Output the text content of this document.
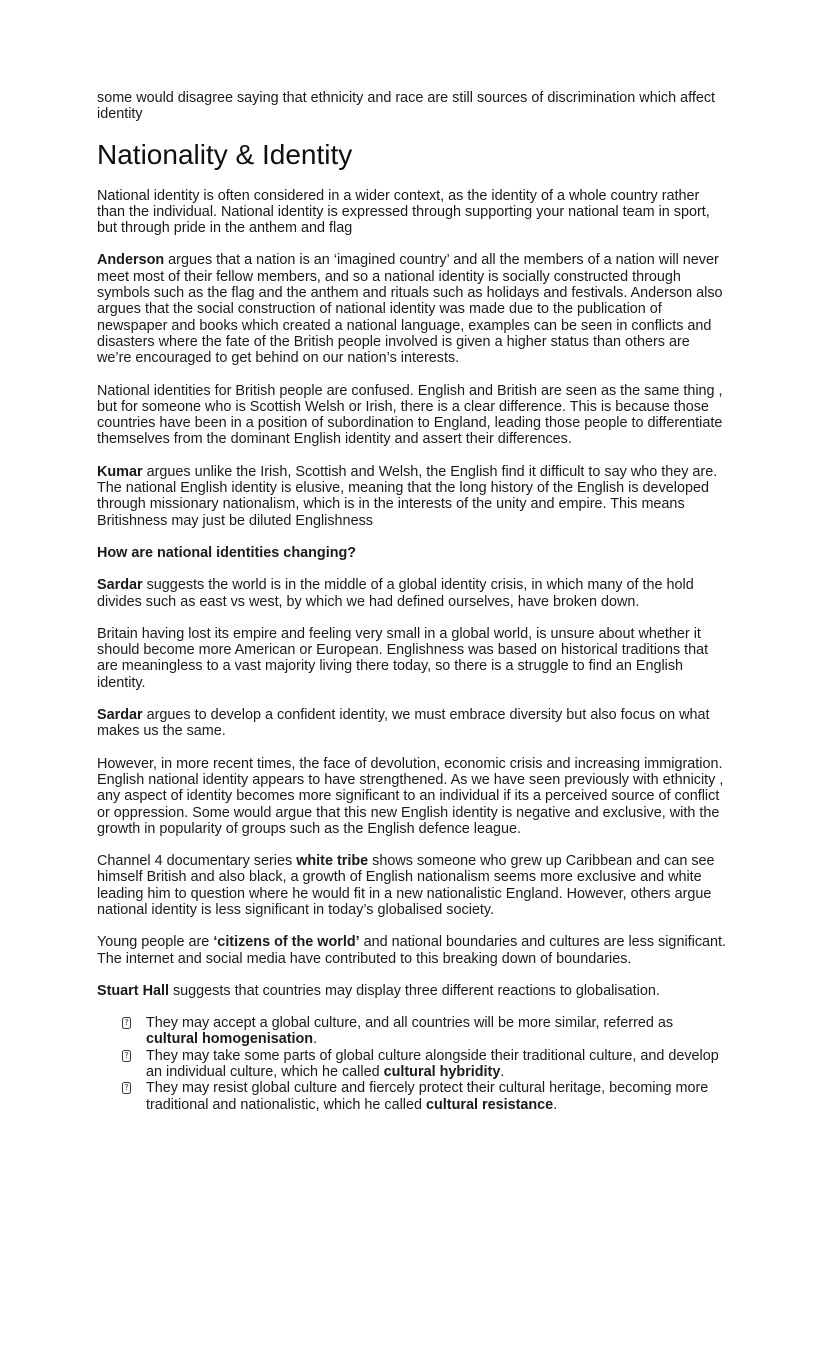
some would disagree saying that ethnicity and race are still sources of discrimination which affect identity

Nationality & Identity

National identity is often considered in a wider context, as the identity of a whole country rather than the individual. National identity is expressed through supporting your national team in sport, but through pride in the anthem and flag

Anderson argues that a nation is an ‘imagined country’ and all the members of a nation will never meet most of their fellow members, and so a national identity is socially constructed through symbols such as the flag and the anthem and rituals such as holidays and festivals. Anderson also argues that the social construction of national identity was made due to the publication of newspaper and books which created a national language, examples can be seen in conflicts and disasters where the fate of the British people involved is given a higher status than others are we’re encouraged to get behind on our nation’s interests.

National identities for British people are confused. English and British are seen as the same thing , but for someone who is Scottish Welsh or Irish, there is a clear difference. This is because those countries have been in a position of subordination to England, leading those people to differentiate themselves from the dominant English identity and assert their differences.

Kumar argues unlike the Irish, Scottish and Welsh, the English find it difficult to say who they are. The national English identity is elusive, meaning that the long history of the English is developed through missionary nationalism, which is in the interests of the unity and empire. This means Britishness may just be diluted Englishness

How are national identities changing?

Sardar suggests the world is in the middle of a global identity crisis, in which many of the hold divides such as east vs west, by which we had defined ourselves, have broken down.

Britain having lost its empire and feeling very small in a global world, is unsure about whether it should become more American or European. Englishness was based on historical traditions that are meaningless to a vast majority living there today, so there is a struggle to find an English identity.

Sardar argues to develop a confident identity, we must embrace diversity but also focus on what makes us the same.

However, in more recent times, the face of devolution, economic crisis and increasing immigration. English national identity appears to have strengthened. As we have seen previously with ethnicity , any aspect of identity becomes more significant to an individual if its a perceived source of conflict or oppression. Some would argue that this new English identity is negative and exclusive, with the growth in popularity of groups such as the English defence league.

Channel 4 documentary series white tribe shows someone who grew up Caribbean and can see himself British and also black, a growth of English nationalism seems more exclusive and white leading him to question where he would fit in a new nationalistic England. However, others argue national identity is less significant in today’s globalised society.

Young people are ‘citizens of the world’ and national boundaries and cultures are less significant. The internet and social media have contributed to this breaking down of boundaries.

Stuart Hall suggests that countries may display three different reactions to globalisation.

? They may accept a global culture, and all countries will be more similar, referred as cultural homogenisation.
? They may take some parts of global culture alongside their traditional culture, and develop an individual culture, which he called cultural hybridity.
? They may resist global culture and fiercely protect their cultural heritage, becoming more traditional and nationalistic, which he called cultural resistance.
